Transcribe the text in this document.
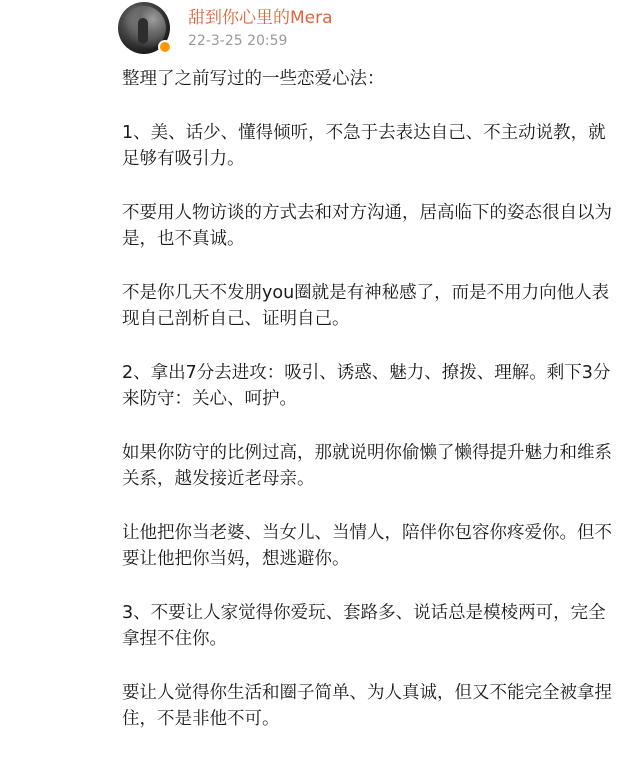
甜到你心里的Mera
22-3-25 20:59

整理了之前写过的一些恋爱心法：

1、美、话少、懂得倾听，不急于去表达自己、不主动说教，就足够有吸引力。

不要用人物访谈的方式去和对方沟通，居高临下的姿态很自以为是，也不真诚。

不是你几天不发朋you圈就是有神秘感了，而是不用力向他人表现自己剖析自己、证明自己。

2、拿出7分去进攻：吸引、诱惑、魅力、撩拨、理解。剩下3分来防守：关心、呵护。

如果你防守的比例过高，那就说明你偷懒了懒得提升魅力和维系关系，越发接近老母亲。

让他把你当老婆、当女儿、当情人，陪伴你包容你疼爱你。但不要让他把你当妈，想逃避你。

3、不要让人家觉得你爱玩、套路多、说话总是模棱两可，完全拿捏不住你。

要让人觉得你生活和圈子简单、为人真诚，但又不能完全被拿捏住，不是非他不可。
